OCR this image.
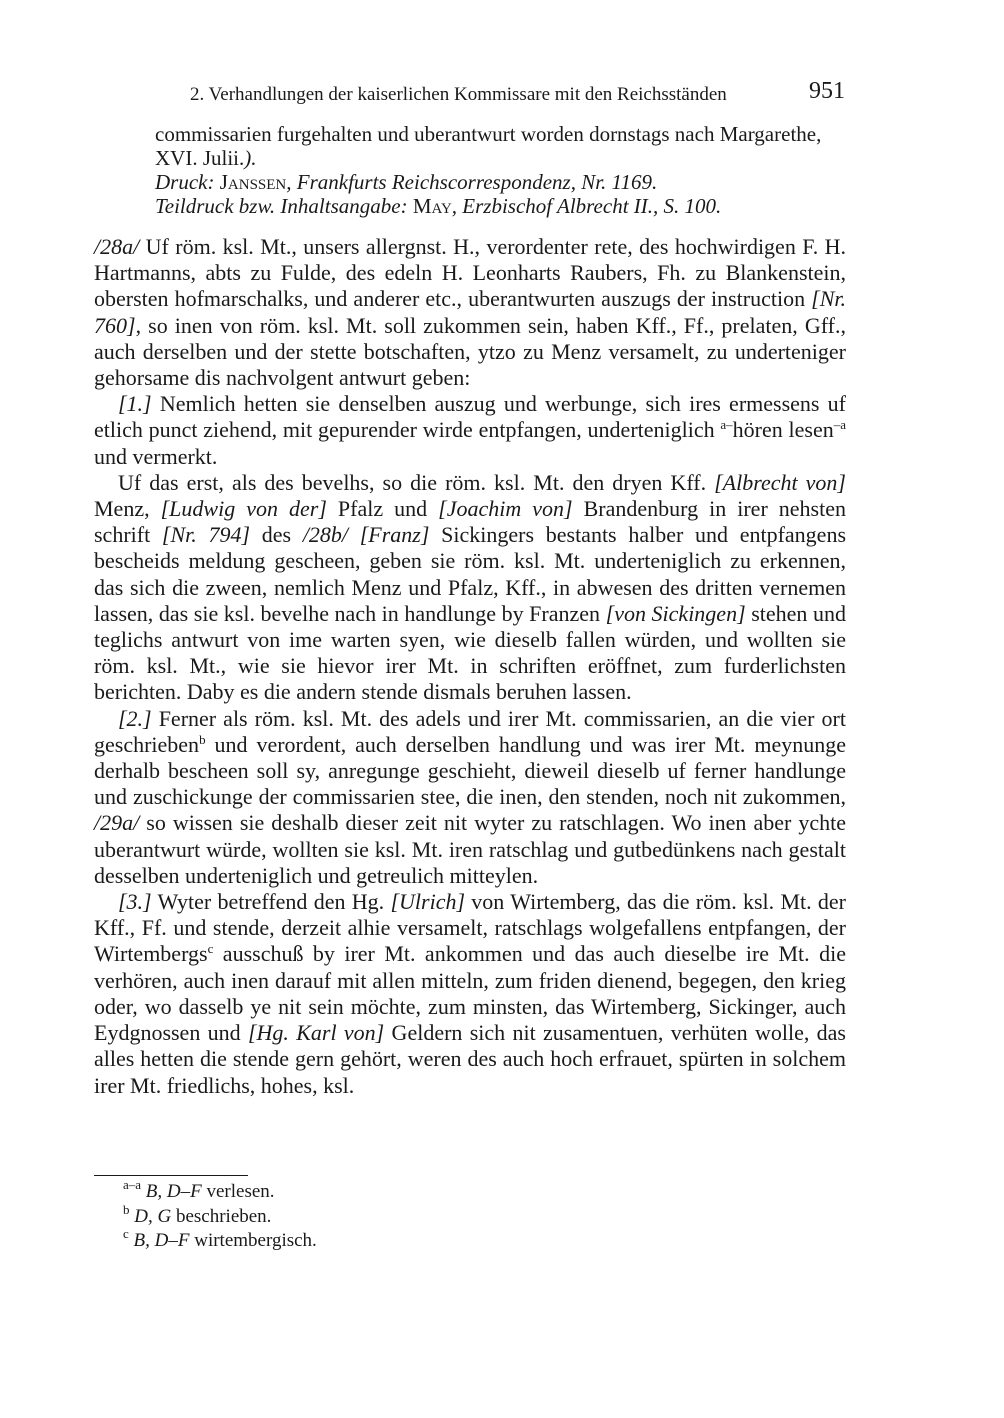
2. Verhandlungen der kaiserlichen Kommissare mit den Reichsständen	951

commissarien furgehalten und uberantwurt worden dornstags nach Margarethe,

XVI. Julii.).

Druck: Janssen, Frankfurts Reichscorrespondenz, Nr. 1169.

Teildruck bzw. Inhaltsangabe: May, Erzbischof Albrecht II., S. 100.

/28a/ Uf röm. ksl. Mt., unsers allergnst. H., verordenter rete, des hochwirdigen F. H. Hartmanns, abts zu Fulde, des edeln H. Leonharts Raubers, Fh. zu Blankenstein, obersten hofmarschalks, und anderer etc., uberantwurten auszugs der instruction [Nr. 760], so inen von röm. ksl. Mt. soll zukommen sein, haben Kff., Ff., prelaten, Gff., auch derselben und der stette botschaften, ytzo zu Menz versamelt, zu underteniger gehorsame dis nachvolgent antwurt geben:

[1.] Nemlich hetten sie denselben auszug und werbunge, sich ires ermessens uf etlich punct ziehend, mit gepurender wirde entpfangen, underteniglich $^{a-}$hören lesen$^{-a}$ und vermerkt.

Uf das erst, als des bevelhs, so die röm. ksl. Mt. den dryen Kff. [Albrecht von] Menz, [Ludwig von der] Pfalz und [Joachim von] Brandenburg in irer nehsten schrift [Nr. 794] des /28b/ [Franz] Sickingers bestants halber und entpfangens bescheids meldung gescheen, geben sie röm. ksl. Mt. underteniglich zu erkennen, das sich die zween, nemlich Menz und Pfalz, Kff., in abwesen des dritten vernemen lassen, das sie ksl. bevelhe nach in handlunge by Franzen [von Sickingen] stehen und teglichs antwurt von ime warten syen, wie dieselb fallen würden, und wollten sie röm. ksl. Mt., wie sie hievor irer Mt. in schriften eröffnet, zum furderlichsten berichten. Daby es die andern stende dismals beruhen lassen.

[2.] Ferner als röm. ksl. Mt. des adels und irer Mt. commissarien, an die vier ort geschrieben$^b$ und verordent, auch derselben handlung und was irer Mt. meynunge derhalb bescheen soll sy, anregunge geschieht, dieweil dieselb uf ferner handlunge und zuschickunge der commissarien stee, die inen, den stenden, noch nit zukommen, /29a/ so wissen sie deshalb dieser zeit nit wyter zu ratschlagen. Wo inen aber ychte uberantwurt würde, wollten sie ksl. Mt. iren ratschlag und gutbedünkens nach gestalt desselben underteniglich und getreulich mitteylen.

[3.] Wyter betreffend den Hg. [Ulrich] von Wirtemberg, das die röm. ksl. Mt. der Kff., Ff. und stende, derzeit alhie versamelt, ratschlags wolgefallens entpfangen, der Wirtembergs$^c$ ausschuß by irer Mt. ankommen und das auch dieselbe ire Mt. die verhören, auch inen darauf mit allen mitteln, zum friden dienend, begegen, den krieg oder, wo dasselb ye nit sein möchte, zum minsten, das Wirtemberg, Sickinger, auch Eydgnossen und [Hg. Karl von] Geldern sich nit zusamentuen, verhüten wolle, das alles hetten die stende gern gehört, weren des auch hoch erfrauet, spürten in solchem irer Mt. friedlichs, hohes, ksl.

$^{a-a}$ B, D–F verlesen.

$^b$ D, G beschrieben.

$^c$ B, D–F wirtembergisch.
